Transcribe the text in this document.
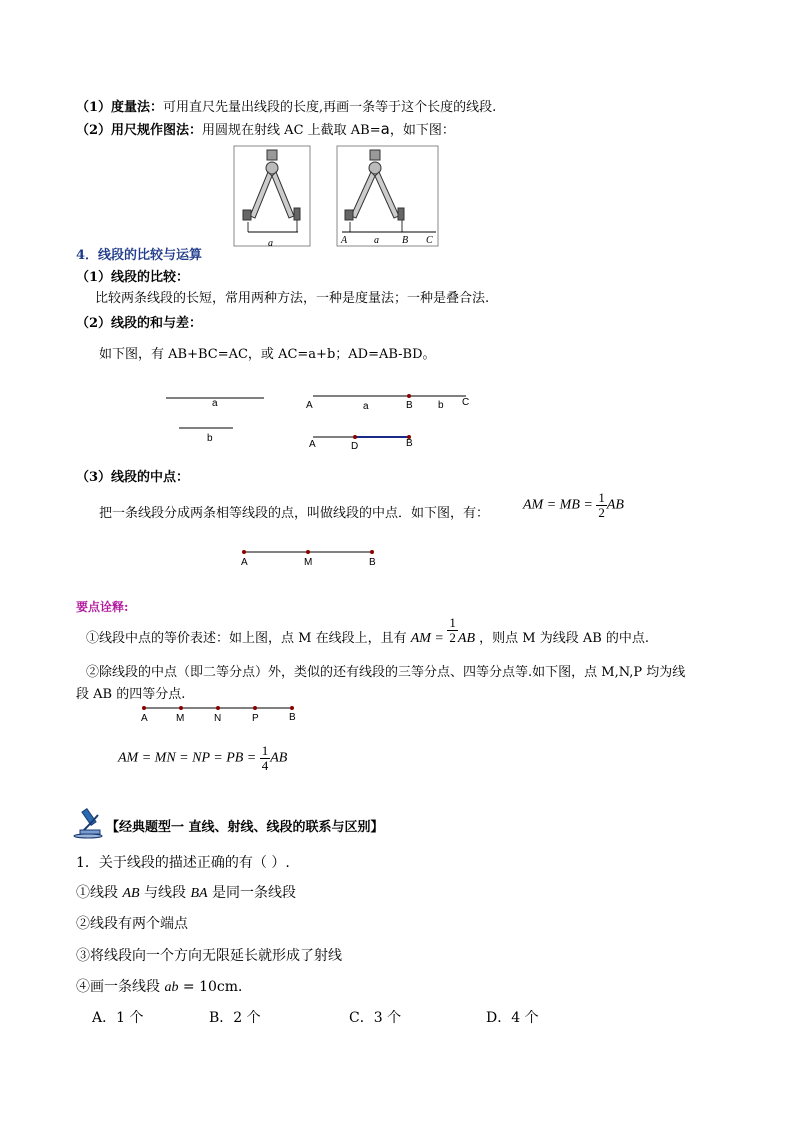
（1）度量法：可用直尺先量出线段的长度,再画一条等于这个长度的线段.
（2）用尺规作图法：用圆规在射线 AC 上截取 AB=a，如下图：
a	A	a B C
4．线段的比较与运算
（1）线段的比较：
比较两条线段的长短，常用两种方法，一种是度量法；一种是叠合法.
（2）线段的和与差：
如下图，有 AB+BC=AC，或 AC=a+b；AD=AB-BD。
a
b
A	a	B	b C
A	D	B
（3）线段的中点：
把一条线段分成两条相等线段的点，叫做线段的中点．如下图，有：
AM = MB = $\frac{1}{2}$ AB
A	M	B
要点诠释:
①线段中点的等价表述：如上图，点 M 在线段上，且有 AM = $\frac{1}{2}$ AB ，则点 M 为线段 AB 的中点.
②除线段的中点（即二等分点）外，类似的还有线段的三等分点、四等分点等.如下图，点 M,N,P 均为线
段 AB 的四等分点.
A	M	N	P	B
AM = MN = NP = PB = $\frac{1}{4}$ AB
【经典题型一 直线、射线、线段的联系与区别】
1．关于线段的描述正确的有（ ）.
①线段 AB 与线段 BA 是同一条线段
②线段有两个端点
③将线段向一个方向无限延长就形成了射线
④画一条线段 ab = 10cm．
A．1 个	B．2 个	C．3 个	D．4 个
